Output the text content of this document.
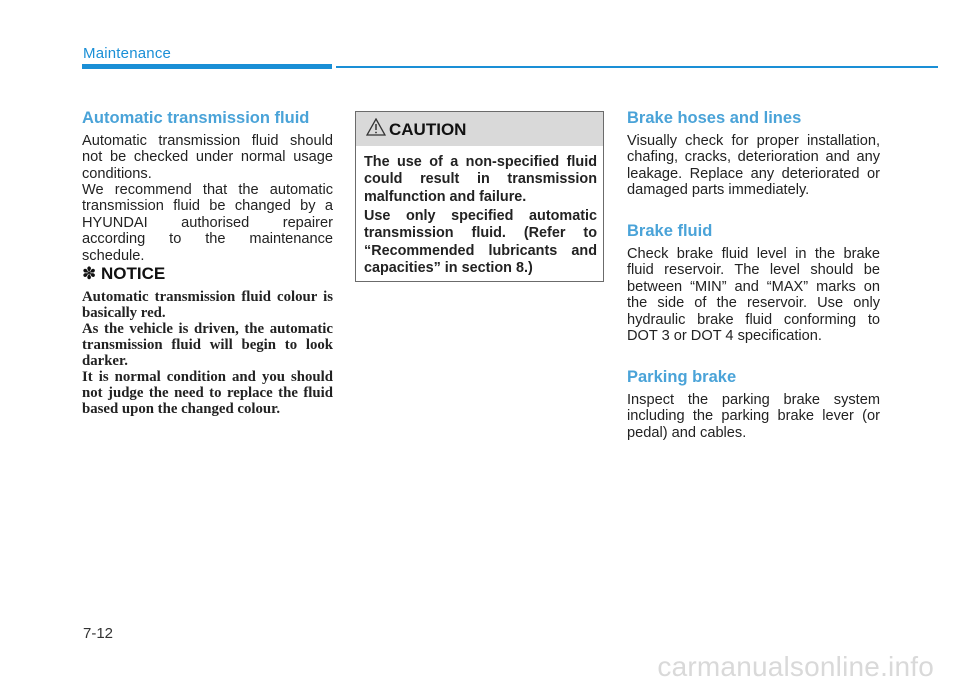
Maintenance
Automatic transmission fluid

Automatic transmission fluid should not be checked under normal usage conditions.

We recommend that the automatic transmission fluid be changed by a HYUNDAI authorised repairer according to the maintenance schedule.

✽ NOTICE

Automatic transmission fluid colour is basically red.

As the vehicle is driven, the automatic transmission fluid will begin to look darker.

It is normal condition and you should not judge the need to replace the fluid based upon the changed colour.

CAUTION

The use of a non-specified fluid could result in transmission malfunction and failure.

Use only specified automatic transmission fluid. (Refer to “Recommended lubricants and capacities” in section 8.)

Brake hoses and lines

Visually check for proper installation, chafing, cracks, deterioration and any leakage. Replace any deteriorated or damaged parts immediately.

Brake fluid

Check brake fluid level in the brake fluid reservoir. The level should be between “MIN” and “MAX” marks on the side of the reservoir. Use only hydraulic brake fluid conforming to DOT 3 or DOT 4 specification.

Parking brake

Inspect the parking brake system including the parking brake lever (or pedal) and cables.

7-12
carmanualsonline.info
